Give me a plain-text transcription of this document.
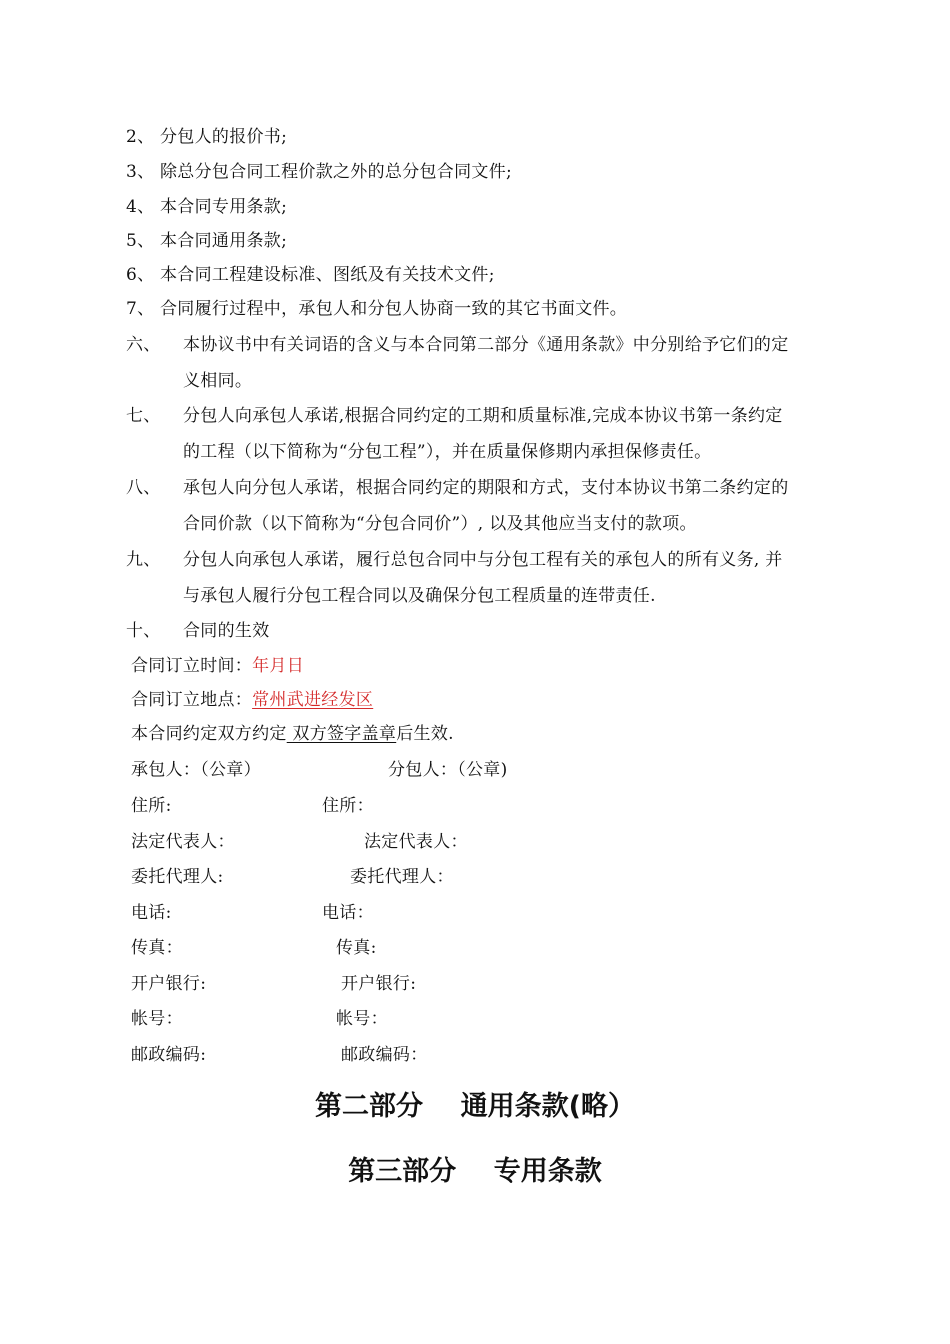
2、 分包人的报价书;
3、 除总分包合同工程价款之外的总分包合同文件;
4、 本合同专用条款;
5、 本合同通用条款;
6、 本合同工程建设标准、图纸及有关技术文件;
7、 合同履行过程中，承包人和分包人协商一致的其它书面文件。
六、 本协议书中有关词语的含义与本合同第二部分《通用条款》中分别给予它们的定
义相同。
七、 分包人向承包人承诺,根据合同约定的工期和质量标准,完成本协议书第一条约定
的工程（以下简称为“分包工程”），并在质量保修期内承担保修责任。
八、 承包人向分包人承诺，根据合同约定的期限和方式，支付本协议书第二条约定的
合同价款（以下简称为“分包合同价”）, 以及其他应当支付的款项。
九、 分包人向承包人承诺，履行总包合同中与分包工程有关的承包人的所有义务, 并
与承包人履行分包工程合同以及确保分包工程质量的连带责任.
十、 合同的生效
合同订立时间：年月日
合同订立地点：常州武进经发区
本合同约定双方约定 双方签字盖章后生效.
承包人：（公章）
住所:
法定代表人：
委托代理人:
电话:
传真：
开户银行:
帐号：
邮政编码:
分包人：（公章)
住所：
法定代表人：
委托代理人：
电话：
传真:
开户银行:
帐号：
邮政编码：
第二部分 通用条款(略）
第三部分 专用条款
